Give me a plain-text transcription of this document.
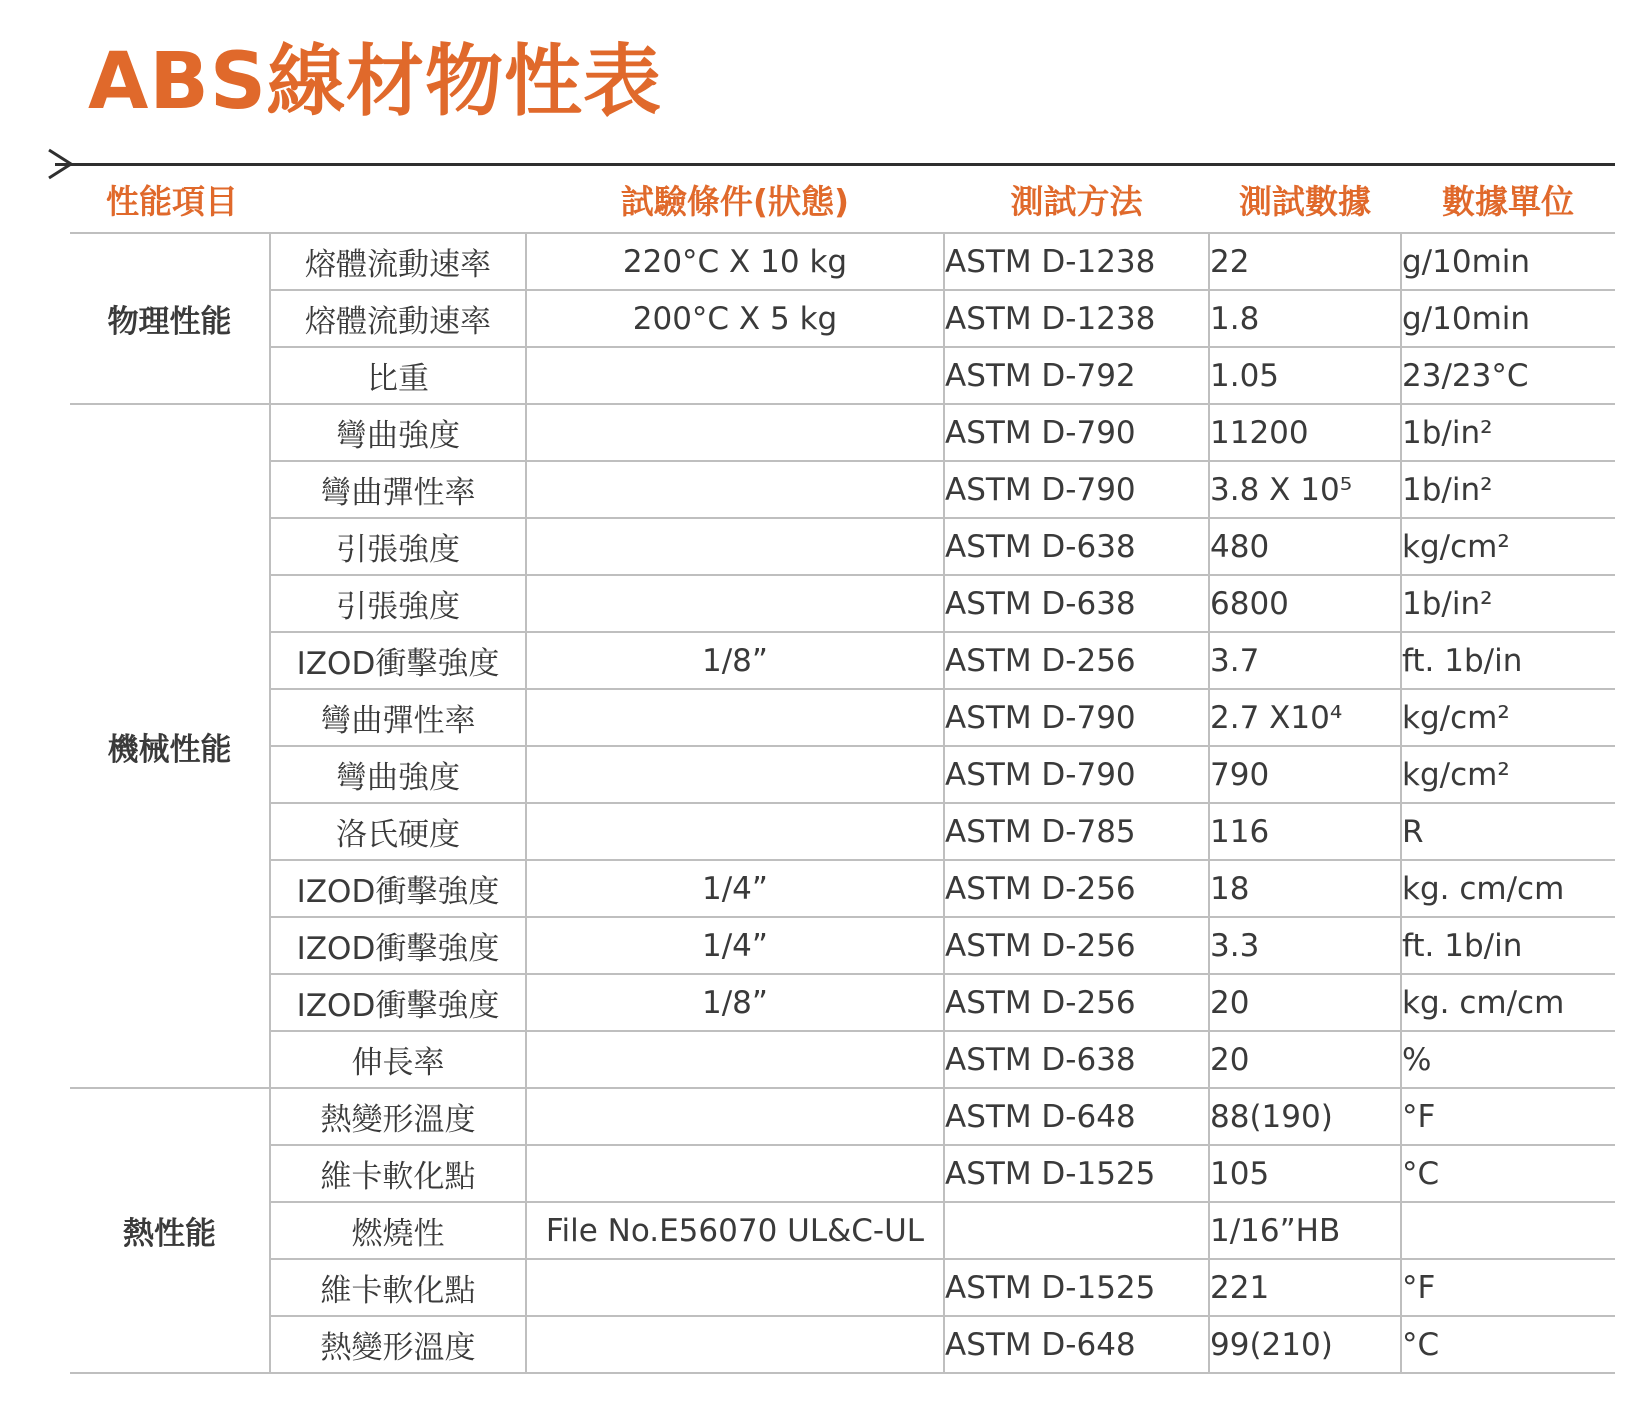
ABS線材物性表
性能項目		試驗條件(狀態)	測試方法	測試數據	數據單位
物理性能	熔體流動速率	220°C X 10 kg	ASTM D-1238	22	g/10min
	熔體流動速率	200°C X 5 kg	ASTM D-1238	1.8	g/10min
	比重		ASTM D-792	1.05	23/23°C
機械性能	彎曲強度		ASTM D-790	11200	1b/in²
	彎曲彈性率		ASTM D-790	3.8 X 10⁵	1b/in²
	引張強度		ASTM D-638	480	kg/cm²
	引張強度		ASTM D-638	6800	1b/in²
	IZOD衝擊強度	1/8”	ASTM D-256	3.7	ft. 1b/in
	彎曲彈性率		ASTM D-790	2.7 X10⁴	kg/cm²
	彎曲強度		ASTM D-790	790	kg/cm²
	洛氏硬度		ASTM D-785	116	R
	IZOD衝擊強度	1/4”	ASTM D-256	18	kg. cm/cm
	IZOD衝擊強度	1/4”	ASTM D-256	3.3	ft. 1b/in
	IZOD衝擊強度	1/8”	ASTM D-256	20	kg. cm/cm
	伸長率		ASTM D-638	20	%
熱性能	熱變形溫度		ASTM D-648	88(190)	°F
	維卡軟化點		ASTM D-1525	105	°C
	燃燒性	File No.E56070 UL&C-UL		1/16”HB	
	維卡軟化點		ASTM D-1525	221	°F
	熱變形溫度		ASTM D-648	99(210)	°C
